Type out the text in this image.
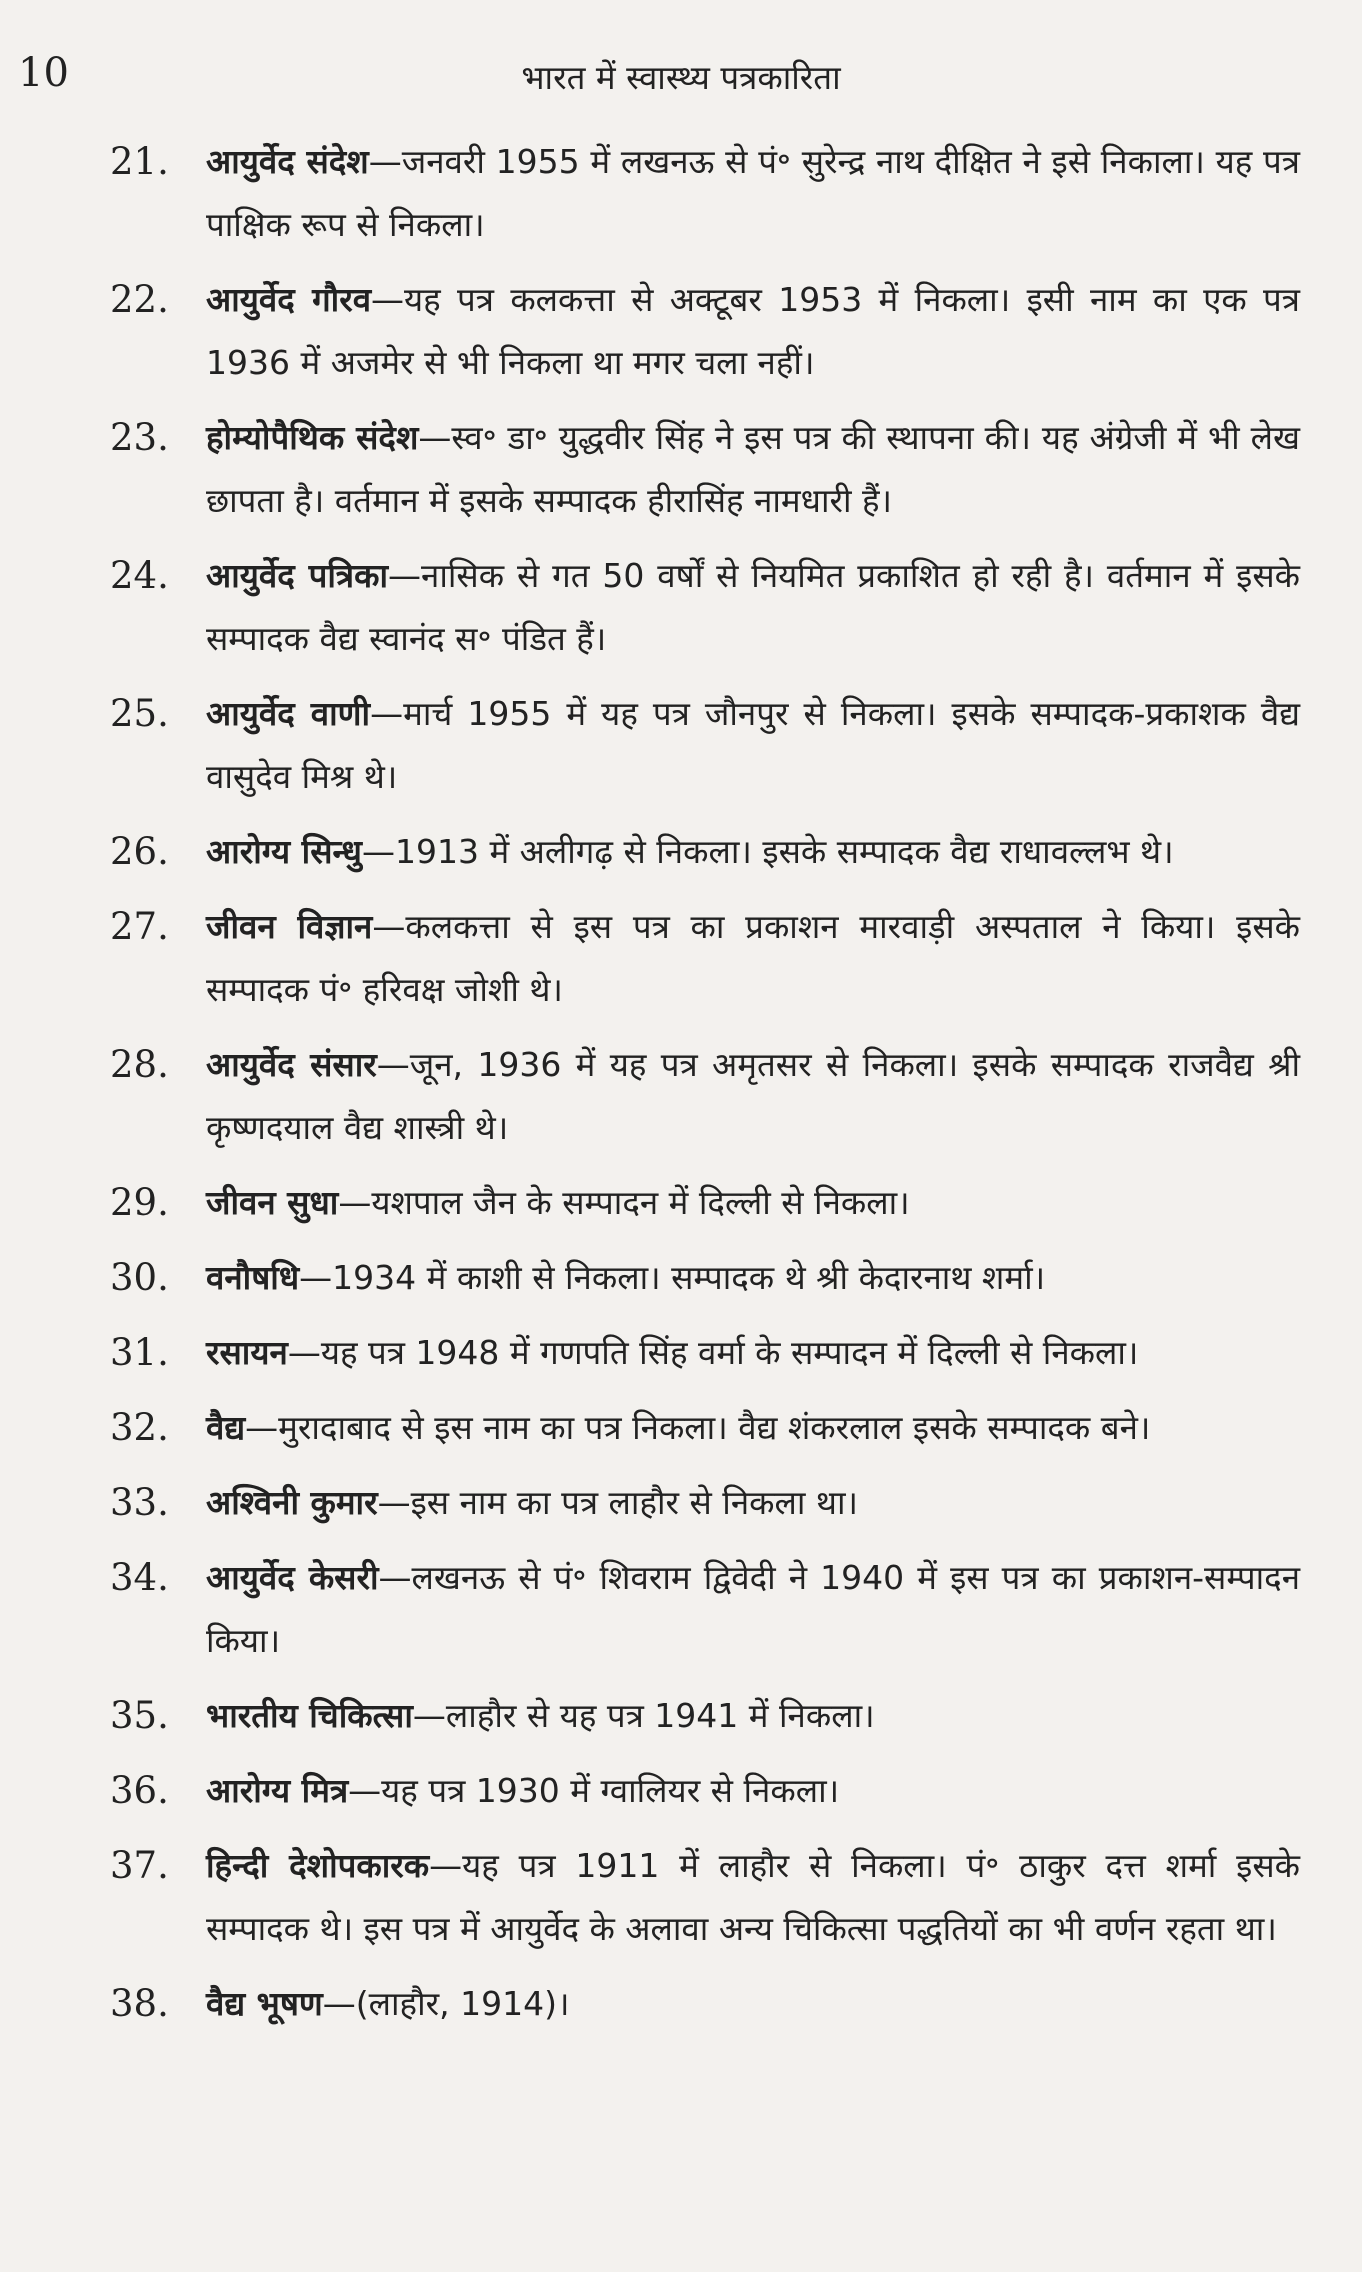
10	भारत में स्वास्थ्य पत्रकारिता
21.	आयुर्वेद संदेश—जनवरी 1955 में लखनऊ से पं॰ सुरेन्द्र नाथ दीक्षित ने इसे निकाला। यह पत्र पाक्षिक रूप से निकला।
22.	आयुर्वेद गौरव—यह पत्र कलकत्ता से अक्टूबर 1953 में निकला। इसी नाम का एक पत्र 1936 में अजमेर से भी निकला था मगर चला नहीं।
23.	होम्योपैथिक संदेश—स्व॰ डा॰ युद्धवीर सिंह ने इस पत्र की स्थापना की। यह अंग्रेजी में भी लेख छापता है। वर्तमान में इसके सम्पादक हीरासिंह नामधारी हैं।
24.	आयुर्वेद पत्रिका—नासिक से गत 50 वर्षों से नियमित प्रकाशित हो रही है। वर्तमान में इसके सम्पादक वैद्य स्वानंद स॰ पंडित हैं।
25.	आयुर्वेद वाणी—मार्च 1955 में यह पत्र जौनपुर से निकला। इसके सम्पादक-प्रकाशक वैद्य वासुदेव मिश्र थे।
26.	आरोग्य सिन्धु—1913 में अलीगढ़ से निकला। इसके सम्पादक वैद्य राधावल्लभ थे।
27.	जीवन विज्ञान—कलकत्ता से इस पत्र का प्रकाशन मारवाड़ी अस्पताल ने किया। इसके सम्पादक पं॰ हरिवक्ष जोशी थे।
28.	आयुर्वेद संसार—जून, 1936 में यह पत्र अमृतसर से निकला। इसके सम्पादक राजवैद्य श्री कृष्णदयाल वैद्य शास्त्री थे।
29.	जीवन सुधा—यशपाल जैन के सम्पादन में दिल्ली से निकला।
30.	वनौषधि—1934 में काशी से निकला। सम्पादक थे श्री केदारनाथ शर्मा।
31.	रसायन—यह पत्र 1948 में गणपति सिंह वर्मा के सम्पादन में दिल्ली से निकला।
32.	वैद्य—मुरादाबाद से इस नाम का पत्र निकला। वैद्य शंकरलाल इसके सम्पादक बने।
33.	अश्विनी कुमार—इस नाम का पत्र लाहौर से निकला था।
34.	आयुर्वेद केसरी—लखनऊ से पं॰ शिवराम द्विवेदी ने 1940 में इस पत्र का प्रकाशन-सम्पादन किया।
35.	भारतीय चिकित्सा—लाहौर से यह पत्र 1941 में निकला।
36.	आरोग्य मित्र—यह पत्र 1930 में ग्वालियर से निकला।
37.	हिन्दी देशोपकारक—यह पत्र 1911 में लाहौर से निकला। पं॰ ठाकुर दत्त शर्मा इसके सम्पादक थे। इस पत्र में आयुर्वेद के अलावा अन्य चिकित्सा पद्धतियों का भी वर्णन रहता था।
38.	वैद्य भूषण—(लाहौर, 1914)।
